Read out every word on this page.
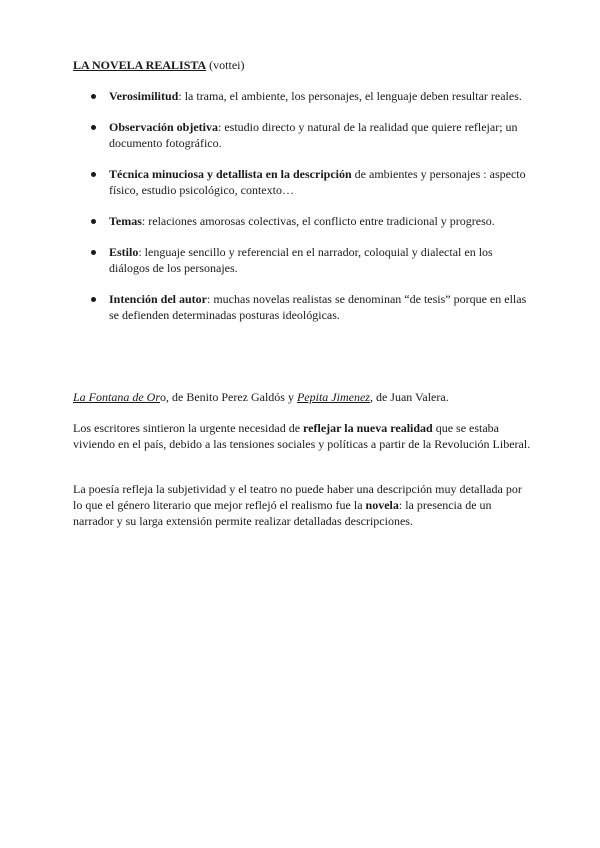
LA NOVELA REALISTA (vottei)
Verosimilitud: la trama, el ambiente, los personajes, el lenguaje deben resultar reales.
Observación objetiva: estudio directo y natural de la realidad que quiere reflejar; un documento fotográfico.
Técnica minuciosa y detallista en la descripción de ambientes y personajes : aspecto físico, estudio psicológico, contexto…
Temas: relaciones amorosas colectivas, el conflicto entre tradicional y progreso.
Estilo: lenguaje sencillo y referencial en el narrador, coloquial y dialectal en los diálogos de los personajes.
Intención del autor: muchas novelas realistas se denominan “de tesis” porque en ellas se defienden determinadas posturas ideológicas.

La Fontana de Oro, de Benito Perez Galdós y Pepita Jimenez, de Juan Valera.

Los escritores sintieron la urgente necesidad de reflejar la nueva realidad que se estaba viviendo en el país, debido a las tensiones sociales y políticas a partir de la Revolución Liberal.

La poesía refleja la subjetividad y el teatro no puede haber una descripción muy detallada por lo que el género literario que mejor reflejó el realismo fue la novela: la presencia de un narrador y su larga extensión permite realizar detalladas descripciones.
